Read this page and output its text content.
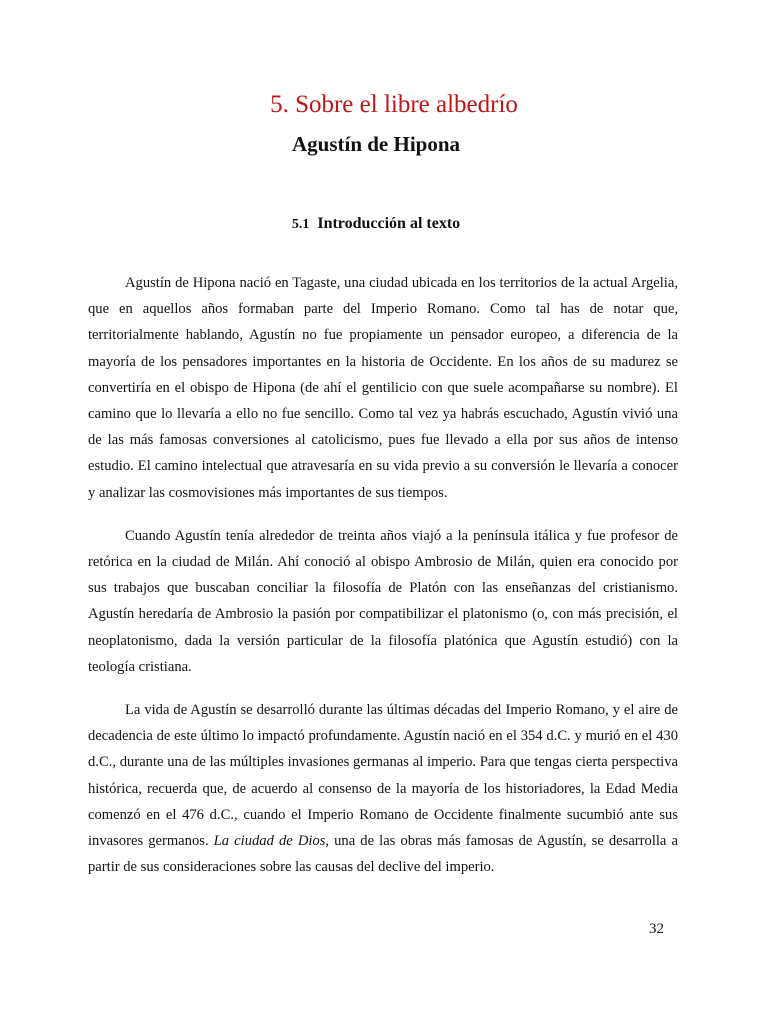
5. Sobre el libre albedrío
Agustín de Hipona
5.1 Introducción al texto

Agustín de Hipona nació en Tagaste, una ciudad ubicada en los territorios de la actual Argelia, que en aquellos años formaban parte del Imperio Romano. Como tal has de notar que, territorialmente hablando, Agustín no fue propiamente un pensador europeo, a diferencia de la mayoría de los pensadores importantes en la historia de Occidente. En los años de su madurez se convertiría en el obispo de Hipona (de ahí el gentilicio con que suele acompañarse su nombre). El camino que lo llevaría a ello no fue sencillo. Como tal vez ya habrás escuchado, Agustín vivió una de las más famosas conversiones al catolicismo, pues fue llevado a ella por sus años de intenso estudio. El camino intelectual que atravesaría en su vida previo a su conversión le llevaría a conocer y analizar las cosmovisiones más importantes de sus tiempos.

Cuando Agustín tenía alrededor de treinta años viajó a la península itálica y fue profesor de retórica en la ciudad de Milán. Ahí conoció al obispo Ambrosio de Milán, quien era conocido por sus trabajos que buscaban conciliar la filosofía de Platón con las enseñanzas del cristianismo. Agustín heredaría de Ambrosio la pasión por compatibilizar el platonismo (o, con más precisión, el neoplatonismo, dada la versión particular de la filosofía platónica que Agustín estudió) con la teología cristiana.

La vida de Agustín se desarrolló durante las últimas décadas del Imperio Romano, y el aire de decadencia de este último lo impactó profundamente. Agustín nació en el 354 d.C. y murió en el 430 d.C., durante una de las múltiples invasiones germanas al imperio. Para que tengas cierta perspectiva histórica, recuerda que, de acuerdo al consenso de la mayoría de los historiadores, la Edad Media comenzó en el 476 d.C., cuando el Imperio Romano de Occidente finalmente sucumbió ante sus invasores germanos. La ciudad de Dios, una de las obras más famosas de Agustín, se desarrolla a partir de sus consideraciones sobre las causas del declive del imperio.

32
